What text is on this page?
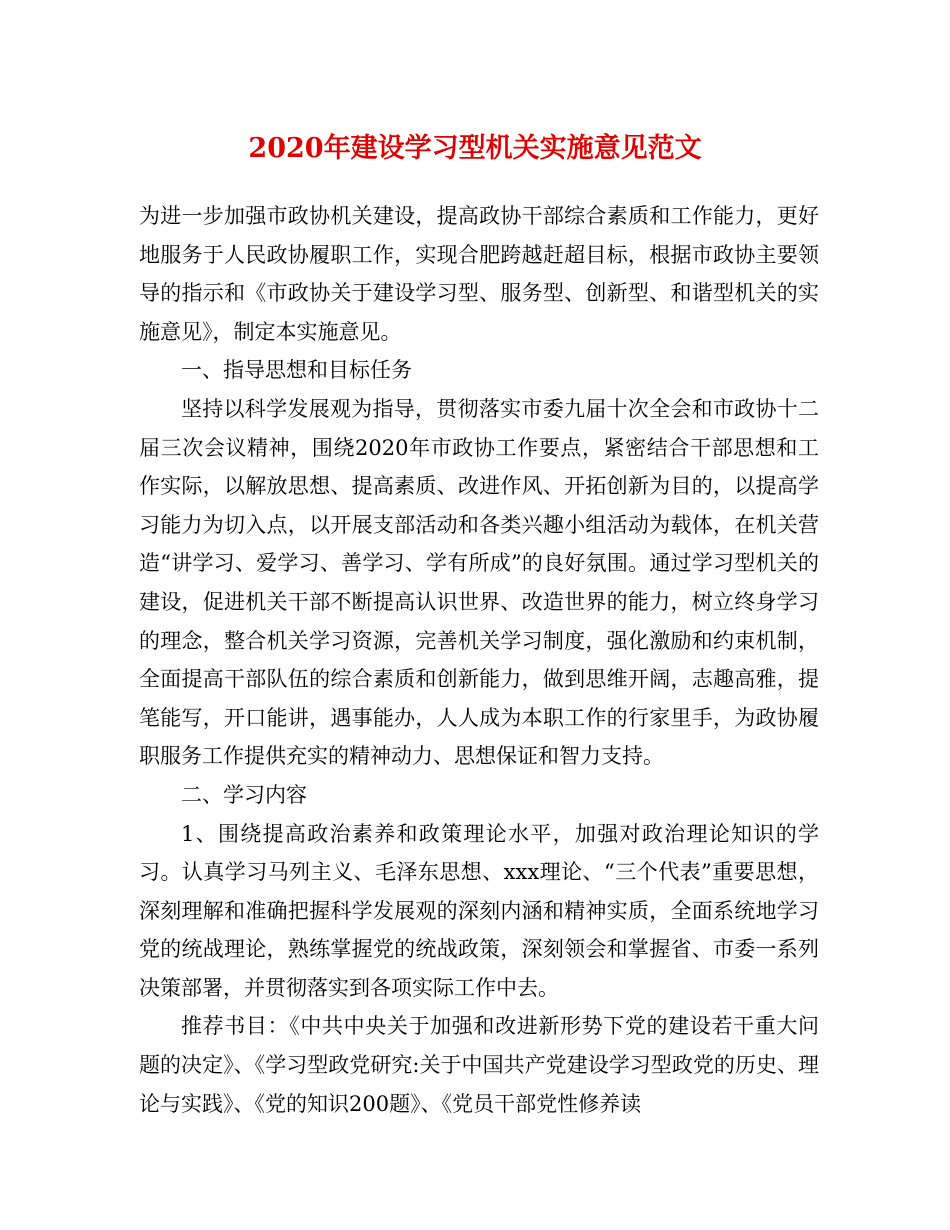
2020年建设学习型机关实施意见范文

为进一步加强市政协机关建设，提高政协干部综合素质和工作能力，更好地服务于人民政协履职工作，实现合肥跨越赶超目标，根据市政协主要领导的指示和《市政协关于建设学习型、服务型、创新型、和谐型机关的实施意见》，制定本实施意见。

一、指导思想和目标任务

坚持以科学发展观为指导，贯彻落实市委九届十次全会和市政协十二届三次会议精神，围绕2020年市政协工作要点，紧密结合干部思想和工作实际，以解放思想、提高素质、改进作风、开拓创新为目的，以提高学习能力为切入点，以开展支部活动和各类兴趣小组活动为载体，在机关营造“讲学习、爱学习、善学习、学有所成”的良好氛围。通过学习型机关的建设，促进机关干部不断提高认识世界、改造世界的能力，树立终身学习的理念，整合机关学习资源，完善机关学习制度，强化激励和约束机制，全面提高干部队伍的综合素质和创新能力，做到思维开阔，志趣高雅，提笔能写，开口能讲，遇事能办，人人成为本职工作的行家里手，为政协履职服务工作提供充实的精神动力、思想保证和智力支持。

二、学习内容

1、围绕提高政治素养和政策理论水平，加强对政治理论知识的学习。认真学习马列主义、毛泽东思想、xxx理论、“三个代表”重要思想，深刻理解和准确把握科学发展观的深刻内涵和精神实质，全面系统地学习党的统战理论，熟练掌握党的统战政策，深刻领会和掌握省、市委一系列决策部署，并贯彻落实到各项实际工作中去。

推荐书目：《中共中央关于加强和改进新形势下党的建设若干重大问题的决定》、《学习型政党研究:关于中国共产党建设学习型政党的历史、理论与实践》、《党的知识200题》、《党员干部党性修养读
